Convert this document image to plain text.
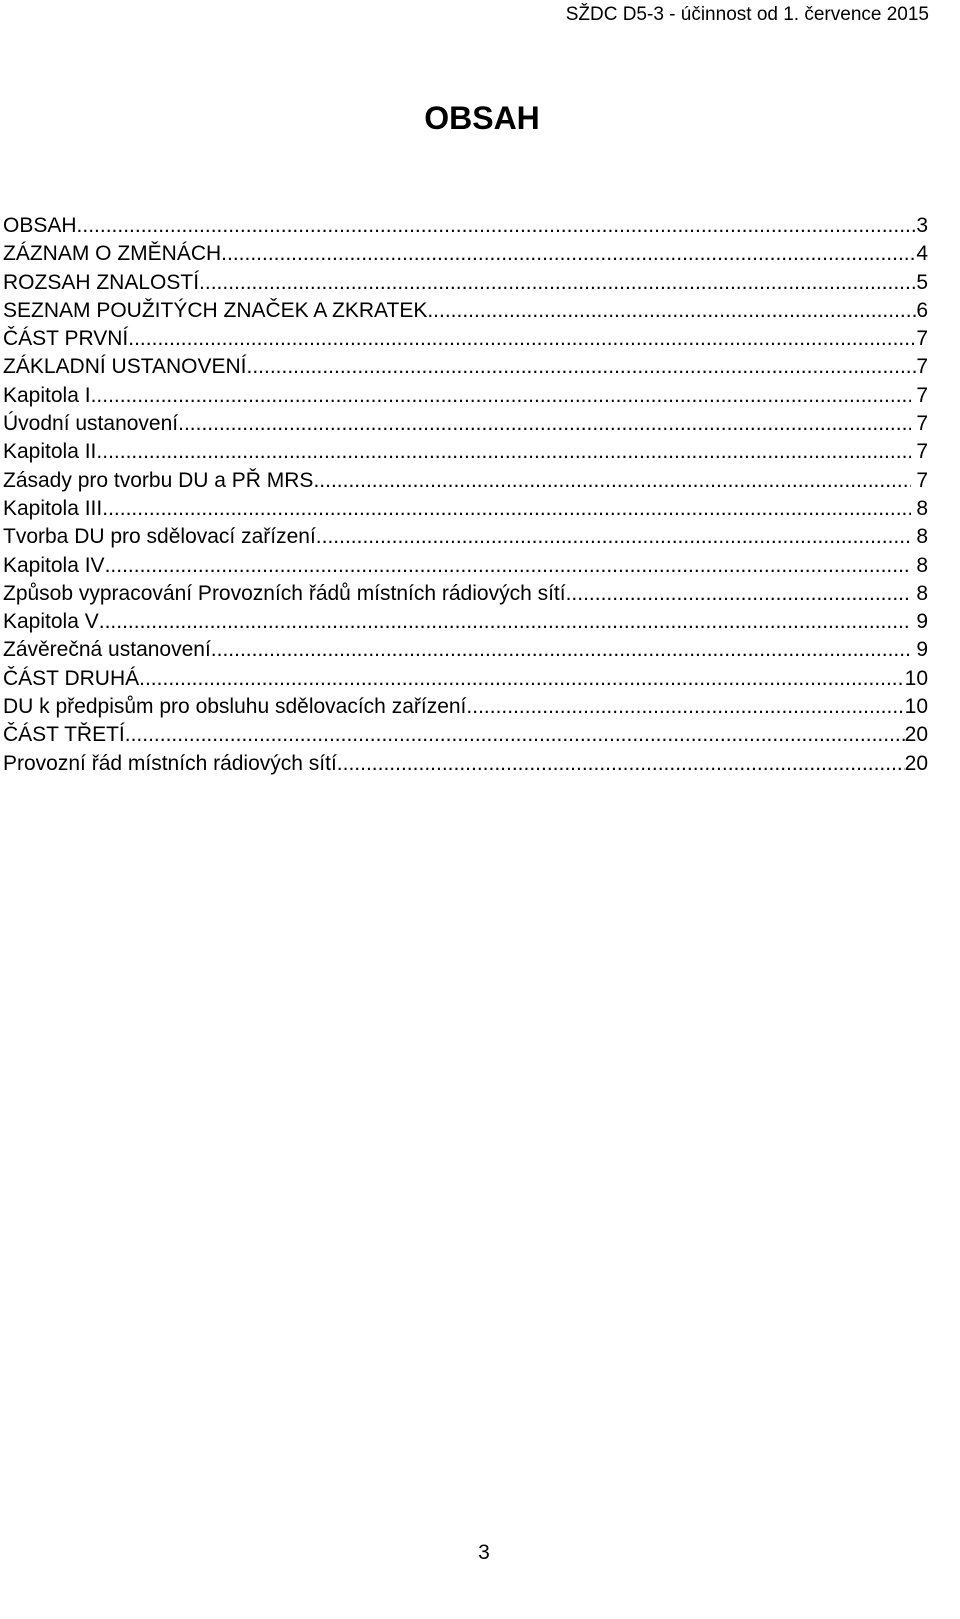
SŽDC D5-3 - účinnost od 1. července 2015
OBSAH
OBSAH .....	3
ZÁZNAM O ZMĚNÁCH .....	4
ROZSAH ZNALOSTÍ .....	5
SEZNAM POUŽITÝCH ZNAČEK A ZKRATEK .....	6
ČÁST PRVNÍ .....	7
ZÁKLADNÍ USTANOVENÍ .....	7
Kapitola I .....	7
Úvodní ustanovení .....	7
Kapitola II .....	7
Zásady pro tvorbu DU a PŘ MRS .....	7
Kapitola III .....	8
Tvorba DU pro sdělovací zařízení .....	8
Kapitola IV .....	8
Způsob vypracování Provozních řádů místních rádiových sítí .....	8
Kapitola V .....	9
Závěrečná ustanovení .....	9
ČÁST DRUHÁ .....	10
DU k předpisům pro obsluhu sdělovacích zařízení .....	10
ČÁST TŘETÍ .....	20
Provozní řád místních rádiových sítí .....	20
3
